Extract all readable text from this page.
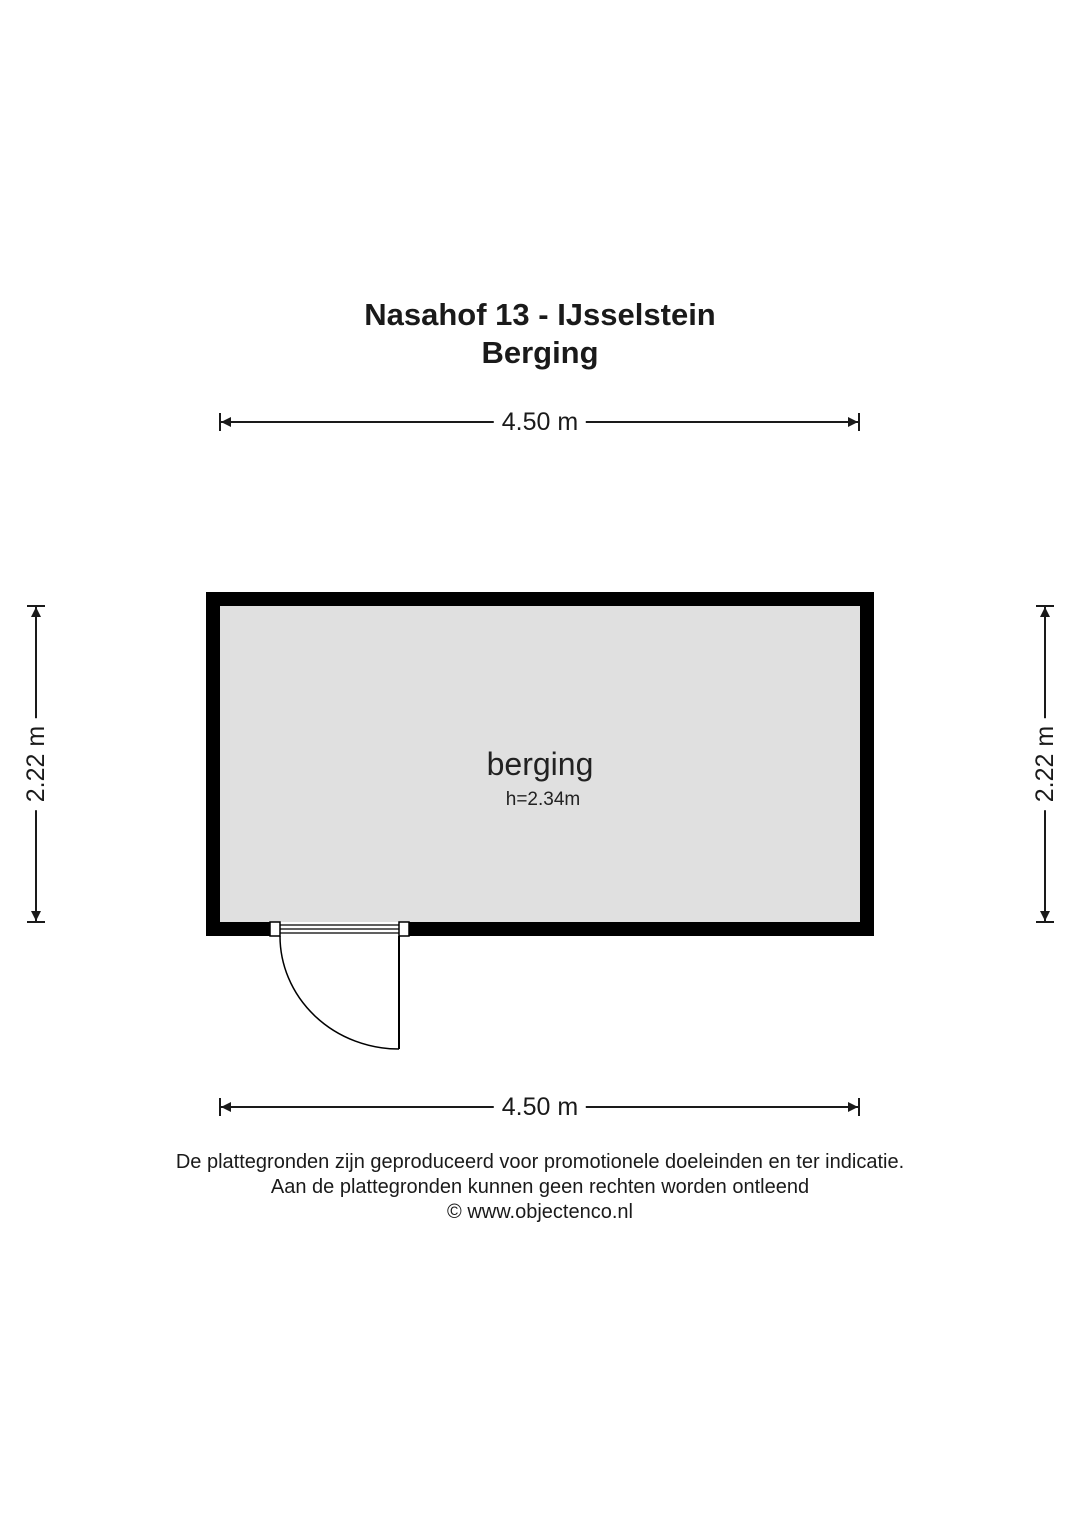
Nasahof 13 - IJsselstein
Berging
4.50 m
4.50 m
2.22 m	2.22 m
berging
h=2.34m
De plattegronden zijn geproduceerd voor promotionele doeleinden en ter indicatie.
Aan de plattegronden kunnen geen rechten worden ontleend
© www.objectenco.nl
